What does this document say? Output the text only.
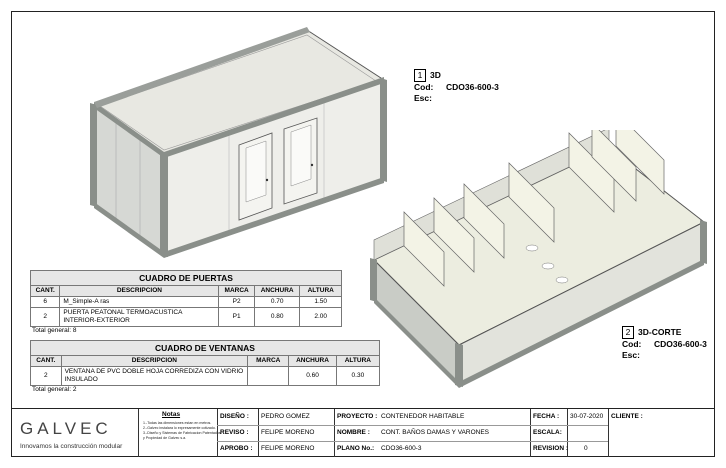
1 3D
Cod: CDO36-600-3
Esc:
2 3D-CORTE
Cod: CDO36-600-3
Esc:
CUADRO DE PUERTAS				
CANT.	DESCRIPCION	MARCA	ANCHURA	ALTURA
6	M_Simple-A ras	P2	0.70	1.50
2	PUERTA PEATONAL TERMOACUSTICA INTERIOR-EXTERIOR	P1	0.80	2.00
Total general: 8
CUADRO DE VENTANAS				
CANT.	DESCRIPCION	MARCA	ANCHURA	ALTURA
2	VENTANA DE PVC DOBLE HOJA CORREDIZA CON VIDRIO INSULADO		0.60	0.30
Total general: 2
GALVEC
Innovamos la construcción modular
Notas
1.-Todas las dimensiones estan en metros.
2.-Galvec instalara lo expresamente cotizado.
3.-Diseño y Sistemas de Fabricacion Patentados y Propiedad de Galvec s.a.
DISEÑO : PEDRO GOMEZ
REVISO : FELIPE MORENO
APROBO : FELIPE MORENO
PROYECTO : CONTENEDOR HABITABLE
NOMBRE : CONT. BAÑOS DAMAS Y VARONES
PLANO No.: CDO36-600-3
FECHA : 30-07-2020
ESCALA:
REVISION : 0
CLIENTE :
